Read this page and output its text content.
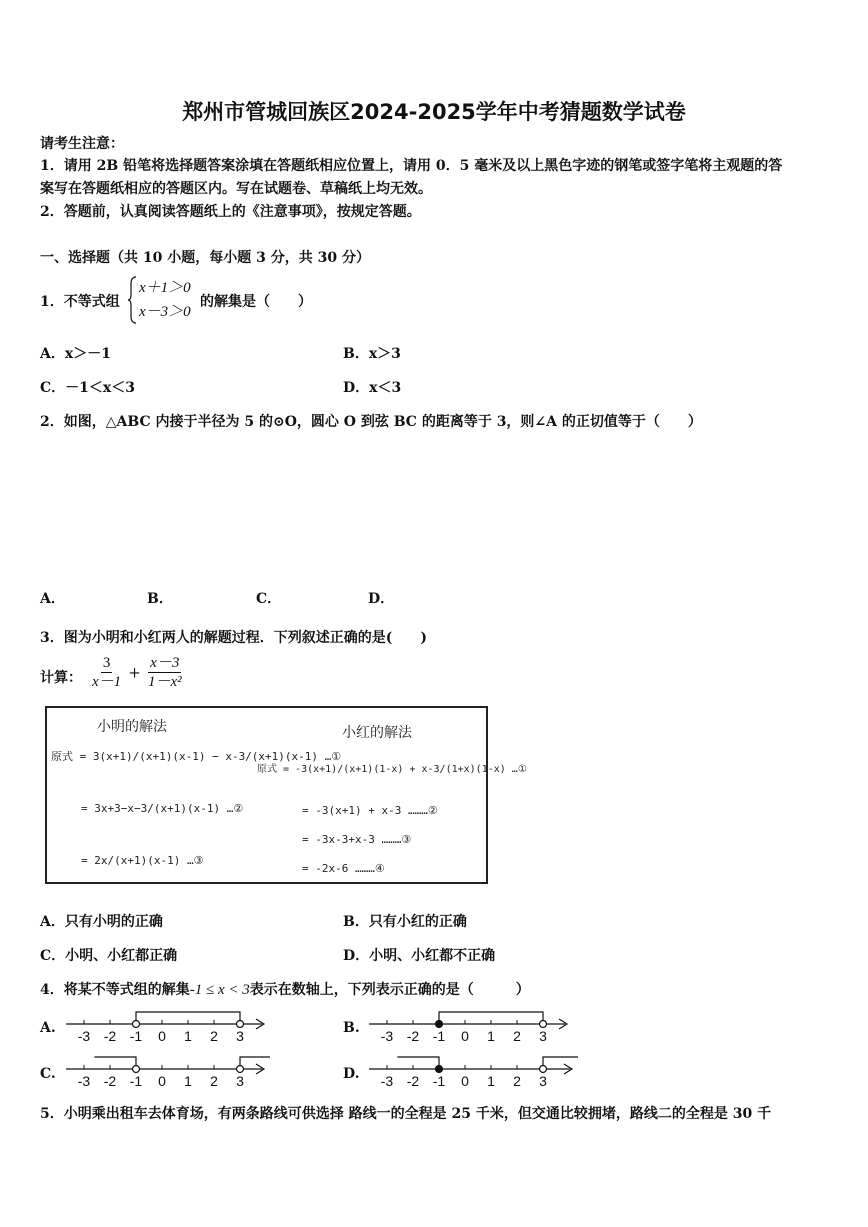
郑州市管城回族区2024-2025学年中考猜题数学试卷
请考生注意：
1．请用 2B 铅笔将选择题答案涂填在答题纸相应位置上，请用 0．5 毫米及以上黑色字迹的钢笔或签字笔将主观题的答
案写在答题纸相应的答题区内。写在试题卷、草稿纸上均无效。
2．答题前，认真阅读答题纸上的《注意事项》，按规定答题。
一、选择题（共 10 小题，每小题 3 分，共 30 分）
1．不等式组
x＋1＞0
x－3＞0
的解集是（　　）
A．x＞－1	B．x＞3
C．－1＜x＜3	D．x＜3
2．如图，△ABC 内接于半径为 5 的⊙O，圆心 O 到弦 BC 的距离等于 3，则∠A 的正切值等于（　　）
A．	B．	C．	D．
3．图为小明和小红两人的解题过程．下列叙述正确的是(　　)
计算： $\frac{3}{x-1} + \frac{x-3}{\text{1－x²}}$
小明的解法
原式 = 3(x+1)/(x+1)(x-1) − x-3/(x+1)(x-1) …①
= 3x+3−x−3/(x+1)(x-1) …②
= 2x/(x+1)(x-1) …③
小红的解法
原式 = -3(x+1)/(x+1)(1-x) + x-3/(1+x)(1-x) …①
= -3(x+1) + x-3 ………②
= -3x-3+x-3 ………③
= -2x-6 ………④
A．只有小明的正确	B．只有小红的正确
C．小明、小红都正确	D．小明、小红都不正确
4．将某不等式组的解集-1 ≤ x < 3表示在数轴上，下列表示正确的是（　　　）
A.	B.
C.	D.
-3 -2 -1 0 1 2 3	-3 -2 -1 0 1 2 3
-3 -2 -1 0 1 2 3	-3 -2 -1 0 1 2 3
5．小明乘出租车去体育场，有两条路线可供选择 路线一的全程是 25 千米，但交通比较拥堵，路线二的全程是 30 千
